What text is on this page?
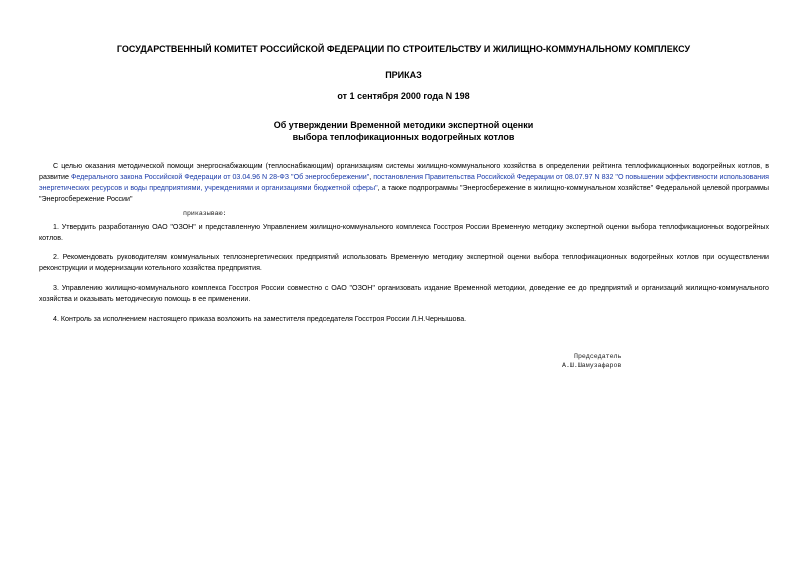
ГОСУДАРСТВЕННЫЙ КОМИТЕТ РОССИЙСКОЙ ФЕДЕРАЦИИ ПО СТРОИТЕЛЬСТВУ И ЖИЛИЩНО-КОММУНАЛЬНОМУ КОМПЛЕКСУ
ПРИКАЗ
от 1 сентября 2000 года N 198
Об утверждении Временной методики экспертной оценки
выбора теплофикационных водогрейных котлов

С целью оказания методической помощи энергоснабжающим (теплоснабжающим) организациям системы жилищно-коммунального хозяйства в определении рейтинга теплофикационных водогрейных котлов, в развитие Федерального закона Российской Федерации от 03.04.96 N 28-ФЗ "Об энергосбережении", постановления Правительства Российской Федерации от 08.07.97 N 832 "О повышении эффективности использования энергетических ресурсов и воды предприятиями, учреждениями и организациями бюджетной сферы", а также подпрограммы "Энергосбережение в жилищно-коммунальном хозяйстве" Федеральной целевой программы "Энергосбережение России"

приказываю:

1. Утвердить разработанную ОАО "ОЗОН" и представленную Управлением жилищно-коммунального комплекса Госстроя России Временную методику экспертной оценки выбора теплофикационных водогрейных котлов.

2. Рекомендовать руководителям коммунальных теплоэнергетических предприятий использовать Временную методику экспертной оценки выбора теплофикационных водогрейных котлов при осуществлении реконструкции и модернизации котельного хозяйства предприятия.

3. Управлению жилищно-коммунального комплекса Госстроя России совместно с ОАО "ОЗОН" организовать издание Временной методики, доведение ее до предприятий и организаций жилищно-коммунального хозяйства и оказывать методическую помощь в ее применении.

4. Контроль за исполнением настоящего приказа возложить на заместителя председателя Госстроя России Л.Н.Чернышова.

Председатель
А.Ш.Шамузафаров
